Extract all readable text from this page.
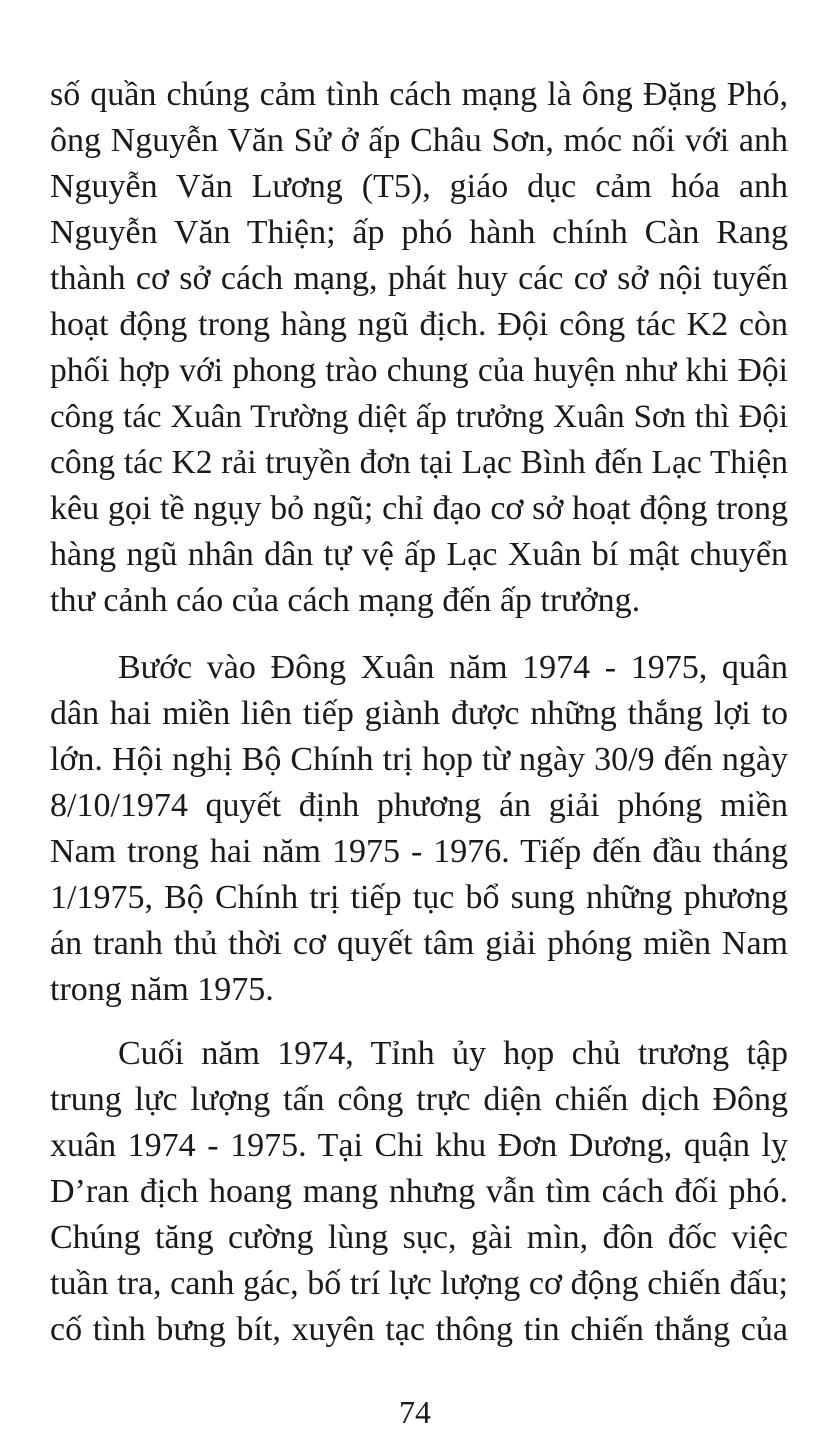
số quần chúng cảm tình cách mạng là ông Đặng Phó,
ông Nguyễn Văn Sử ở ấp Châu Sơn, móc nối với anh
Nguyễn Văn Lương (T5), giáo dục cảm hóa anh
Nguyễn Văn Thiện; ấp phó hành chính Càn Rang
thành cơ sở cách mạng, phát huy các cơ sở nội tuyến
hoạt động trong hàng ngũ địch. Đội công tác K2 còn
phối hợp với phong trào chung của huyện như khi Đội
công tác Xuân Trường diệt ấp trưởng Xuân Sơn thì Đội
công tác K2 rải truyền đơn tại Lạc Bình đến Lạc Thiện
kêu gọi tề ngụy bỏ ngũ; chỉ đạo cơ sở hoạt động trong
hàng ngũ nhân dân tự vệ ấp Lạc Xuân bí mật chuyển
thư cảnh cáo của cách mạng đến ấp trưởng.
Bước vào Đông Xuân năm 1974 - 1975, quân
dân hai miền liên tiếp giành được những thắng lợi to
lớn. Hội nghị Bộ Chính trị họp từ ngày 30/9 đến ngày
8/10/1974 quyết định phương án giải phóng miền
Nam trong hai năm 1975 - 1976. Tiếp đến đầu tháng
1/1975, Bộ Chính trị tiếp tục bổ sung những phương
án tranh thủ thời cơ quyết tâm giải phóng miền Nam
trong năm 1975.
Cuối năm 1974, Tỉnh ủy họp chủ trương tập
trung lực lượng tấn công trực diện chiến dịch Đông
xuân 1974 - 1975. Tại Chi khu Đơn Dương, quận lỵ
D’ran địch hoang mang nhưng vẫn tìm cách đối phó.
Chúng tăng cường lùng sục, gài mìn, đôn đốc việc
tuần tra, canh gác, bố trí lực lượng cơ động chiến đấu;
cố tình bưng bít, xuyên tạc thông tin chiến thắng của
74
